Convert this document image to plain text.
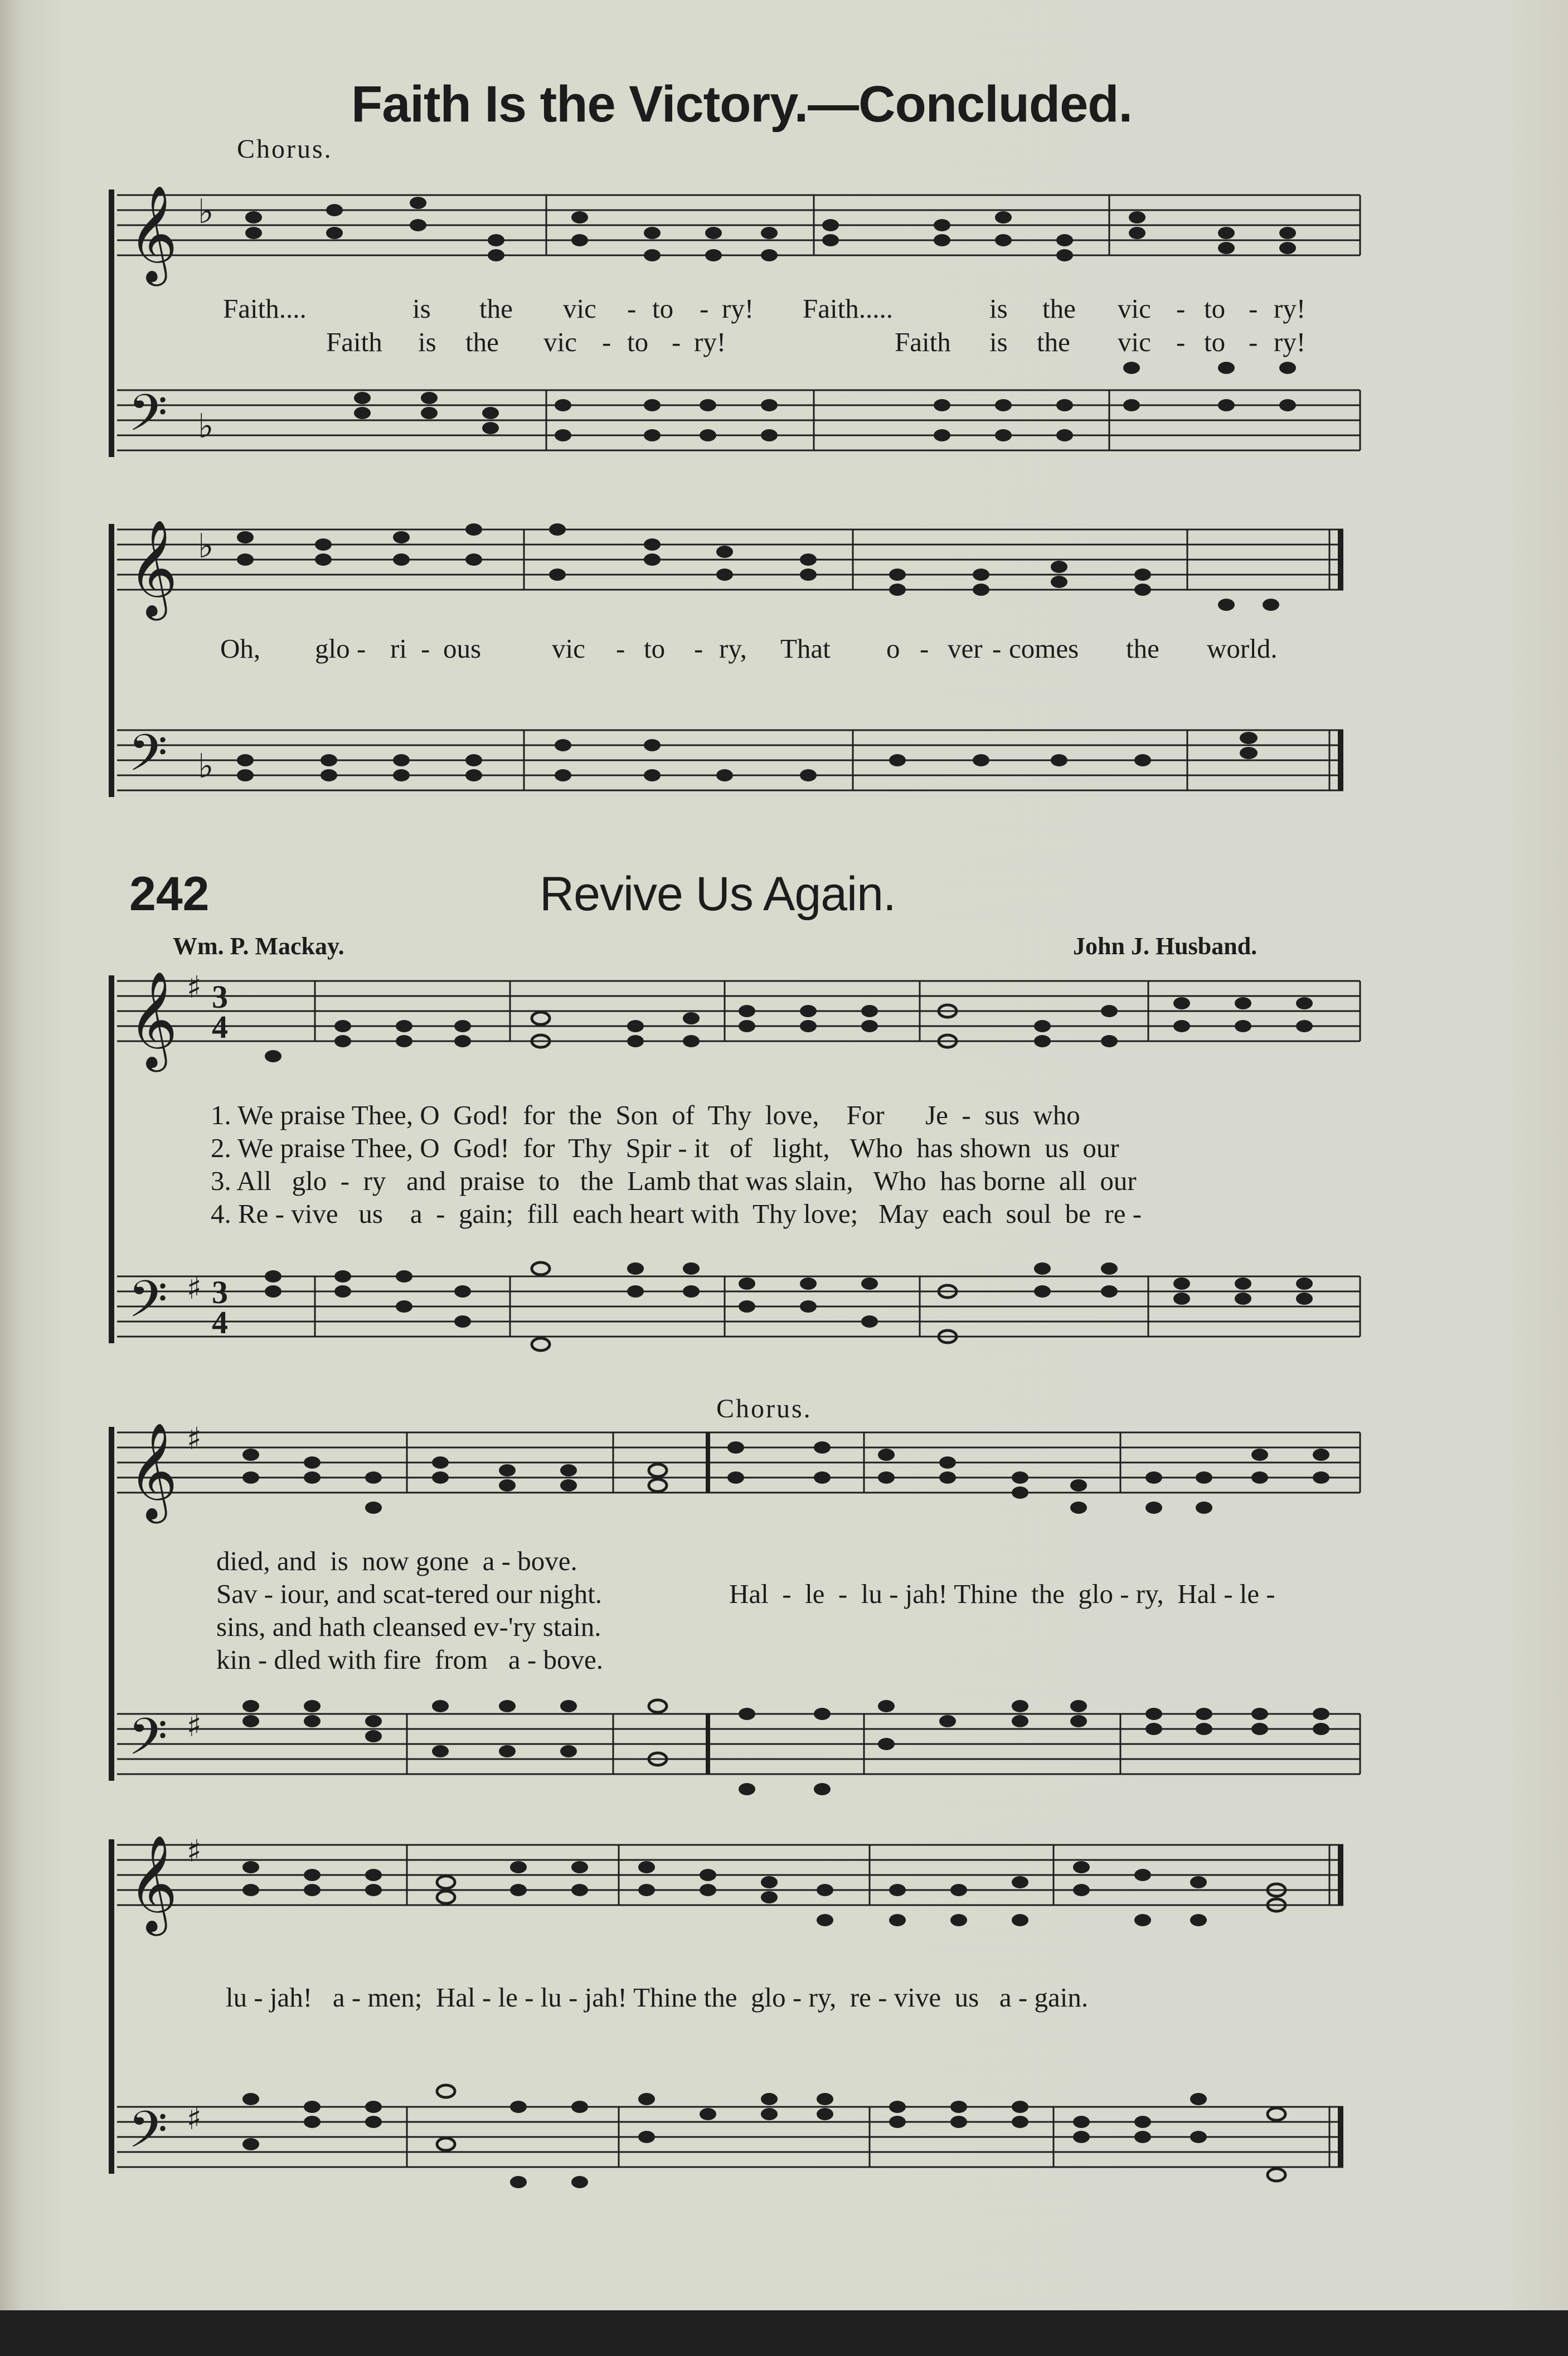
Faith Is the Victory.—Concluded.
Chorus.
𝄞
𝄢
♭
♭
Faith....	is the vic - to - ry! Faith.....	is the vic - to - ry!
Faith is the vic - to - ry!	Faith is the vic - to - ry!
𝄞
𝄢
♭
♭
Oh, glo - ri - ous	vic - to - ry, That o - ver - comes the world.
242	Revive Us Again.
Wm. P. Mackay.	John J. Husband.
𝄞
𝄢
♯
♯
3
4
3
4
1. We praise Thee, O  God!  for  the  Son  of  Thy  love,    For      Je  -  sus  who
2. We praise Thee, O  God!  for  Thy  Spir - it   of   light,   Who  has shown  us  our
3. All   glo  -  ry   and  praise  to   the  Lamb that was slain,   Who  has borne  all  our
4. Re - vive   us    a  -  gain;  fill  each heart with  Thy love;   May  each  soul  be  re -
𝄞
𝄢
♯
♯
Chorus.
died, and  is  now gone  a - bove.
Sav - iour, and scat-tered our night.
sins, and hath cleansed ev-'ry stain.
kin - dled with fire  from   a - bove.
Hal  -  le  -  lu - jah! Thine  the  glo - ry,  Hal - le -
𝄞
𝄢
♯
♯
lu - jah!   a - men;  Hal - le - lu - jah! Thine the  glo - ry,  re - vive  us   a - gain.
